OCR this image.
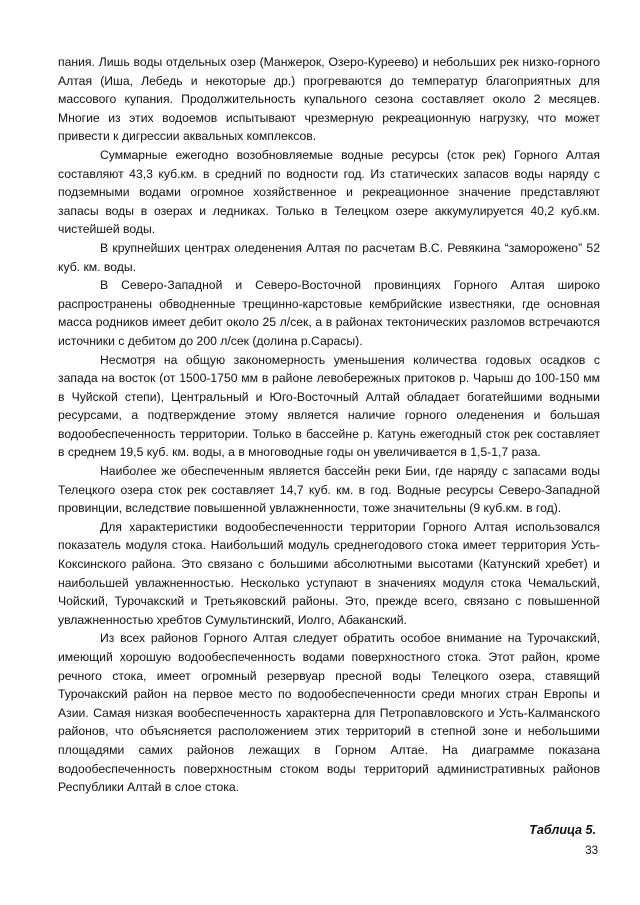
пания. Лишь воды отдельных озер (Манжерок, Озеро-Куреево) и небольших рек низко-горного Алтая (Иша, Лебедь и некоторые др.) прогреваются до температур благоприятных для массового купания. Продолжительность купального сезона составляет около 2 месяцев. Многие из этих водоемов испытывают чрезмерную рекреационную нагрузку, что может привести к дигрессии аквальных комплексов.

Суммарные ежегодно возобновляемые водные ресурсы (сток рек) Горного Алтая составляют 43,3 куб.км. в средний по водности год. Из статических запасов воды наряду с подземными водами огромное хозяйственное и рекреационное значение представляют запасы воды в озерах и ледниках. Только в Телецком озере аккумулируется 40,2 куб.км. чистейшей воды.

В крупнейших центрах оледенения Алтая по расчетам В.С. Ревякина “заморожено” 52 куб. км. воды.

В Северо-Западной и Северо-Восточной провинциях Горного Алтая широко распространены обводненные трещинно-карстовые кембрийские известняки, где основная масса родников имеет дебит около 25 л/сек, а в районах тектонических разломов встречаются источники с дебитом до 200 л/сек (долина р.Сарасы).

Несмотря на общую закономерность уменьшения количества годовых осадков с запада на восток (от 1500-1750 мм в районе левобережных притоков р. Чарыш до 100-150 мм в Чуйской степи), Центральный и Юго-Восточный Алтай обладает богатейшими водными ресурсами, а подтверждение этому является наличие горного оледенения и большая водообеспеченность территории. Только в бассейне р. Катунь ежегодный сток рек составляет в среднем 19,5 куб. км. воды, а в многоводные годы он увеличивается в 1,5-1,7 раза.

Наиболее же обеспеченным является бассейн реки Бии, где наряду с запасами воды Телецкого озера сток рек составляет 14,7 куб. км. в год. Водные ресурсы Северо-Западной провинции, вследствие повышенной увлажненности, тоже значительны (9 куб.км. в год).

Для характеристики водообеспеченности территории Горного Алтая использовался показатель модуля стока. Наибольший модуль среднегодового стока имеет территория Усть-Коксинского района. Это связано с большими абсолютными высотами (Катунский хребет) и наибольшей увлажненностью. Несколько уступают в значениях модуля стока Чемальский, Чойский, Турочакский и Третьяковский районы. Это, прежде всего, связано с повышенной увлажненностью хребтов Сумультинский, Иолго, Абаканский.

Из всех районов Горного Алтая следует обратить особое внимание на Турочакский, имеющий хорошую водообеспеченность водами поверхностного стока. Этот район, кроме речного стока, имеет огромный резервуар пресной воды Телецкого озера, ставящий Турочакский район на первое место по водообеспеченности среди многих стран Европы и Азии. Самая низкая вообеспеченность характерна для Петропавловского и Усть-Калманского районов, что объясняется расположением этих территорий в степной зоне и небольшими площадями самих районов лежащих в Горном Алтае. На диаграмме показана водообеспеченность поверхностным стоком воды территорий административных районов Республики Алтай в слое стока.

Таблица 5.

33
